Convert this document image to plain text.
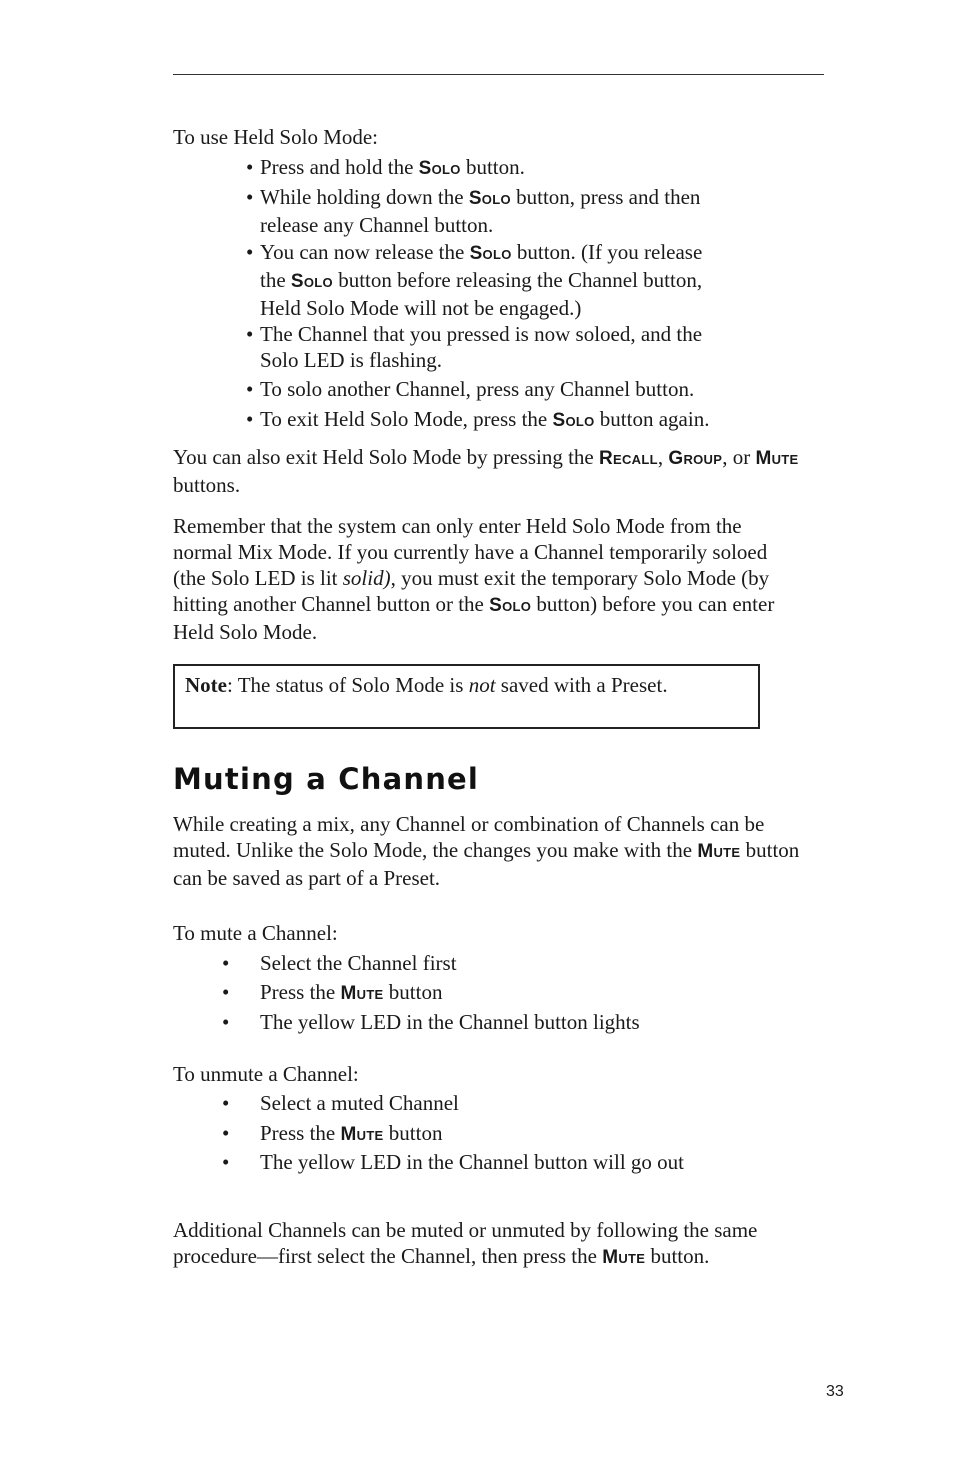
To use Held Solo Mode:

• Press and hold the Solo button.
• While holding down the Solo button, press and then release any Channel button.
• You can now release the Solo button. (If you release the Solo button before releasing the Channel button, Held Solo Mode will not be engaged.)
• The Channel that you pressed is now soloed, and the Solo LED is flashing.
• To solo another Channel, press any Channel button.
• To exit Held Solo Mode, press the Solo button again.

You can also exit Held Solo Mode by pressing the Recall, Group, or Mute buttons.

Remember that the system can only enter Held Solo Mode from the normal Mix Mode. If you currently have a Channel temporarily soloed (the Solo LED is lit solid), you must exit the temporary Solo Mode (by hitting another Channel button or the Solo button) before you can enter Held Solo Mode.

Note: The status of Solo Mode is not saved with a Preset.

Muting a Channel

While creating a mix, any Channel or combination of Channels can be muted. Unlike the Solo Mode, the changes you make with the Mute button can be saved as part of a Preset.

To mute a Channel:

• Select the Channel first
• Press the Mute button
• The yellow LED in the Channel button lights

To unmute a Channel:

• Select a muted Channel
• Press the Mute button
• The yellow LED in the Channel button will go out

Additional Channels can be muted or unmuted by following the same procedure—first select the Channel, then press the Mute button.

33
